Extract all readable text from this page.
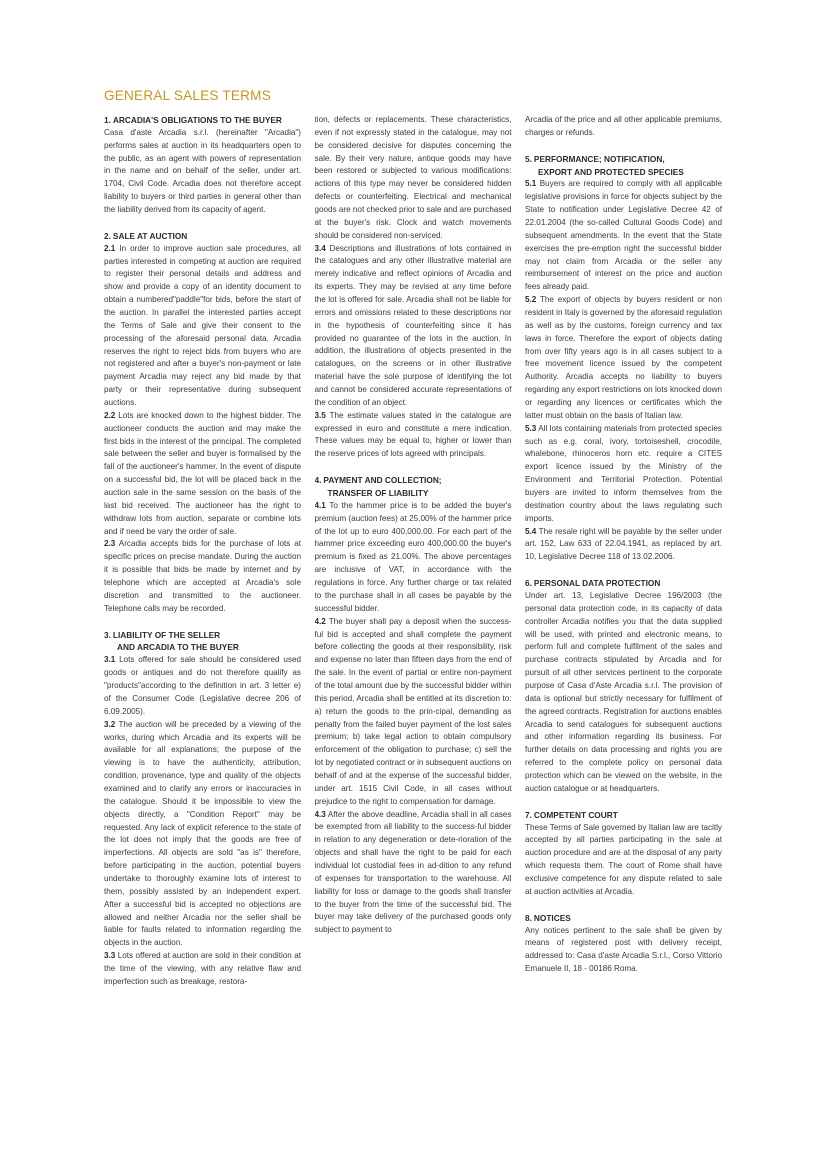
GENERAL SALES TERMS
1. ARCADIA'S OBLIGATIONS TO THE BUYER

Casa d'aste Arcadia s.r.l. (hereinafter "Arcadia") performs sales at auction in its headquarters open to the public, as an agent with powers of representation in the name and on behalf of the seller, under art. 1704, Civil Code. Arcadia does not therefore accept liability to buyers or third parties in general other than the liability derived from its capacity of agent.

2. SALE AT AUCTION

2.1 In order to improve auction sale procedures, all parties interested in competing at auction are required to register their personal details and address and show and provide a copy of an identity document to obtain a numbered"paddle"for bids, before the start of the auction. In parallel the interested parties accept the Terms of Sale and give their consent to the processing of the aforesaid personal data. Arcadia reserves the right to reject bids from buyers who are not registered and after a buyer's non-payment or late payment Arcadia may reject any bid made by that party or their representative during subsequent auctions.

2.2 Lots are knocked down to the highest bidder. The auctioneer conducts the auction and may make the first bids in the interest of the principal. The completed sale between the seller and buyer is formalised by the fall of the auctioneer's hammer. In the event of dispute on a successful bid, the lot will be placed back in the auction sale in the same session on the basis of the last bid received. The auctioneer has the right to withdraw lots from auction, separate or combine lots and if need be vary the order of sale.

2.3 Arcadia accepts bids for the purchase of lots at specific prices on precise mandate. During the auction it is possible that bids be made by internet and by telephone which are accepted at Arcadia's sole discretion and transmitted to the auctioneer. Telephone calls may be recorded.

3. LIABILITY OF THE SELLER
AND ARCADIA TO THE BUYER

3.1 Lots offered for sale should be considered used goods or antiques and do not therefore qualify as "products"according to the definition in art. 3 letter e) of the Consumer Code (Legislative decree 206 of 6.09.2005).

3.2 The auction will be preceded by a viewing of the works, during which Arcadia and its experts will be available for all explanations; the purpose of the viewing is to have the authenticity, attribution, condition, provenance, type and quality of the objects examined and to clarify any errors or inaccuracies in the catalogue. Should it be impossible to view the objects directly, a "Condition Report" may be requested. Any lack of explicit reference to the state of the lot does not imply that the goods are free of imperfections. All objects are sold "as is" therefore, before participating in the auction, potential buyers undertake to thoroughly examine lots of interest to them, possibly assisted by an independent expert. After a successful bid is accepted no objections are allowed and neither Arcadia nor the seller shall be liable for faults related to information regarding the objects in the auction.

3.3 Lots offered at auction are sold in their condition at the time of the viewing, with any relative flaw and imperfection such as breakage, restora-

tion, defects or replacements. These characteristics, even if not expressly stated in the catalogue, may not be considered decisive for disputes concerning the sale. By their very nature, antique goods may have been restored or subjected to various modifications: actions of this type may never be considered hidden defects or counterfeiting. Electrical and mechanical goods are not checked prior to sale and are purchased at the buyer's risk. Clock and watch movements should be considered non-serviced.

3.4 Descriptions and illustrations of lots contained in the catalogues and any other illustrative material are merely indicative and reflect opinions of Arcadia and its experts. They may be revised at any time before the lot is offered for sale. Arcadia shall not be liable for errors and omissions related to these descriptions nor in the hypothesis of counterfeiting since it has provided no guarantee of the lots in the auction. In addition, the illustrations of objects presented in the catalogues, on the screens or in other illustrative material have the sole purpose of identifying the lot and cannot be considered accurate representations of the condition of an object.

3.5 The estimate values stated in the catalogue are expressed in euro and constitute a mere indication. These values may be equal to, higher or lower than the reserve prices of lots agreed with principals.

4. PAYMENT AND COLLECTION;
TRANSFER OF LIABILITY

4.1 To the hammer price is to be added the buyer's premium (auction fees) at 25.00% of the hammer price of the lot up to euro 400,000.00. For each part of the hammer price exceeding euro 400,000.00 the buyer's premium is fixed as 21.00%. The above percentages are inclusive of VAT, in accordance with the regulations in force. Any further charge or tax related to the purchase shall in all cases be payable by the successful bidder.

4.2 The buyer shall pay a deposit when the success-ful bid is accepted and shall complete the payment before collecting the goods at their responsibility, risk and expense no later than fifteen days from the end of the sale. In the event of partial or entire non-payment of the total amount due by the successful bidder within this period, Arcadia shall be entitled at its discretion to: a) return the goods to the prin-cipal, demanding as penalty from the failed buyer payment of the lost sales premium; b) take legal action to obtain compulsory enforcement of the obligation to purchase; c) sell the lot by negotiated contract or in subsequent auctions on behalf of and at the expense of the successful bidder, under art. 1515 Civil Code, in all cases without prejudice to the right to compensation for damage.

4.3 After the above deadline, Arcadia shall in all cases be exempted from all liability to the success-ful bidder in relation to any degeneration or dete-rioration of the objects and shall have the right to be paid for each individual lot custodial fees in ad-dition to any refund of expenses for transportation to the warehouse. All liability for loss or damage to the goods shall transfer to the buyer from the time of the successful bid. The buyer may take delivery of the purchased goods only subject to payment to

Arcadia of the price and all other applicable premiums, charges or refunds.

5. PERFORMANCE; NOTIFICATION,
EXPORT AND PROTECTED SPECIES

5.1 Buyers are required to comply with all applicable legislative provisions in force for objects subject by the State to notification under Legislative Decree 42 of 22.01.2004 (the so-called Cultural Goods Code) and subsequent amendments. In the event that the State exercises the pre-emption right the successful bidder may not claim from Arcadia or the seller any reimbursement of interest on the price and auction fees already paid.

5.2 The export of objects by buyers resident or non resident in Italy is governed by the aforesaid regulation as well as by the customs, foreign currency and tax laws in force. Therefore the export of objects dating from over fifty years ago is in all cases subject to a free movement licence issued by the competent Authority. Arcadia accepts no liability to buyers regarding any export restrictions on lots knocked down or regarding any licences or certificates which the latter must obtain on the basis of Italian law.

5.3 All lots containing materials from protected species such as e.g. coral, ivory, tortoiseshell, crocodile, whalebone, rhinoceros horn etc. require a CITES export licence issued by the Ministry of the Environment and Territorial Protection. Potential buyers are invited to inform themselves from the destination country about the laws regulating such imports.

5.4 The resale right will be payable by the seller under art. 152, Law 633 of 22.04.1941, as replaced by art. 10, Legislative Decree 118 of 13.02.2006.

6. PERSONAL DATA PROTECTION

Under art. 13, Legislative Decree 196/2003 (the personal data protection code, in its capacity of data controller Arcadia notifies you that the data supplied will be used, with printed and electronic means, to perform full and complete fulfilment of the sales and purchase contracts stipulated by Arcadia and for pursuit of all other services pertinent to the corporate purpose of Casa d'Aste Arcadia s.r.l. The provision of data is optional but strictly necessary for fulfilment of the agreed contracts. Registration for auctions enables Arcadia to send catalogues for subsequent auctions and other information regarding its business. For further details on data processing and rights you are referred to the complete policy on personal data protection which can be viewed on the website, in the auction catalogue or at headquarters.

7. COMPETENT COURT

These Terms of Sale governed by Italian law are tacitly accepted by all parties participating in the sale at auction procedure and are at the disposal of any party which requests them. The court of Rome shall have exclusive competence for any dispute related to sale at auction activities at Arcadia.

8. NOTICES

Any notices pertinent to the sale shall be given by means of registered post with delivery receipt, addressed to: Casa d'aste Arcadia S.r.l., Corso Vittorio Emanuele II, 18 - 00186 Roma.
